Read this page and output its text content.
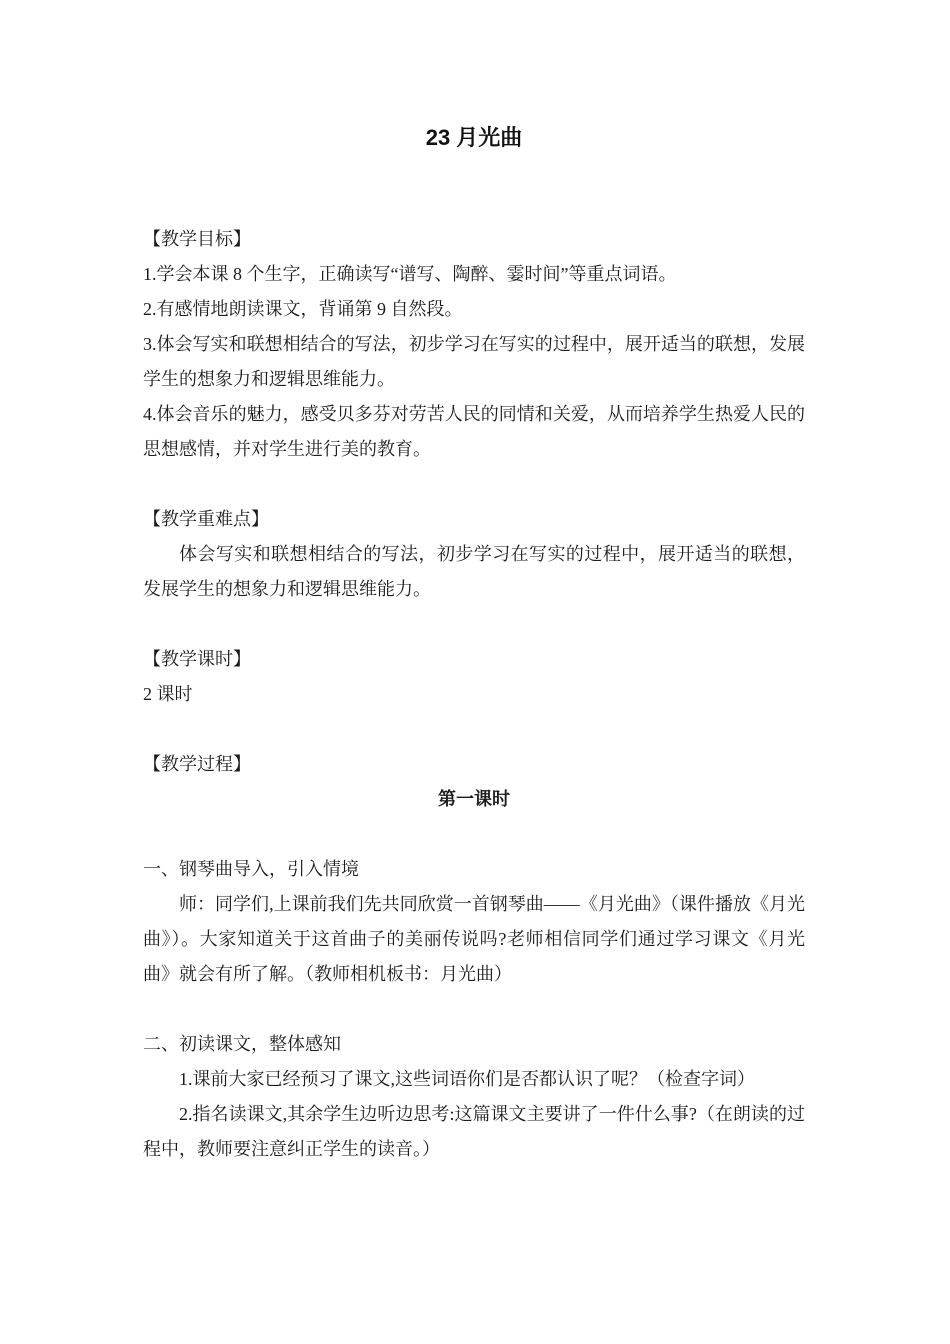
23 月光曲

【教学目标】

1.学会本课 8 个生字，正确读写“谱写、陶醉、霎时间”等重点词语。

2.有感情地朗读课文，背诵第 9 自然段。

3.体会写实和联想相结合的写法，初步学习在写实的过程中，展开适当的联想，发展学生的想象力和逻辑思维能力。

4.体会音乐的魅力，感受贝多芬对劳苦人民的同情和关爱，从而培养学生热爱人民的思想感情，并对学生进行美的教育。

【教学重难点】

体会写实和联想相结合的写法，初步学习在写实的过程中，展开适当的联想，发展学生的想象力和逻辑思维能力。

【教学课时】

2 课时

【教学过程】

第一课时

一、钢琴曲导入，引入情境

师：同学们,上课前我们先共同欣赏一首钢琴曲——《月光曲》（课件播放《月光曲》）。大家知道关于这首曲子的美丽传说吗?老师相信同学们通过学习课文《月光曲》就会有所了解。（教师相机板书：月光曲）

二、初读课文，整体感知

1.课前大家已经预习了课文,这些词语你们是否都认识了呢？（检查字词）

2.指名读课文,其余学生边听边思考:这篇课文主要讲了一件什么事?（在朗读的过程中，教师要注意纠正学生的读音。）
